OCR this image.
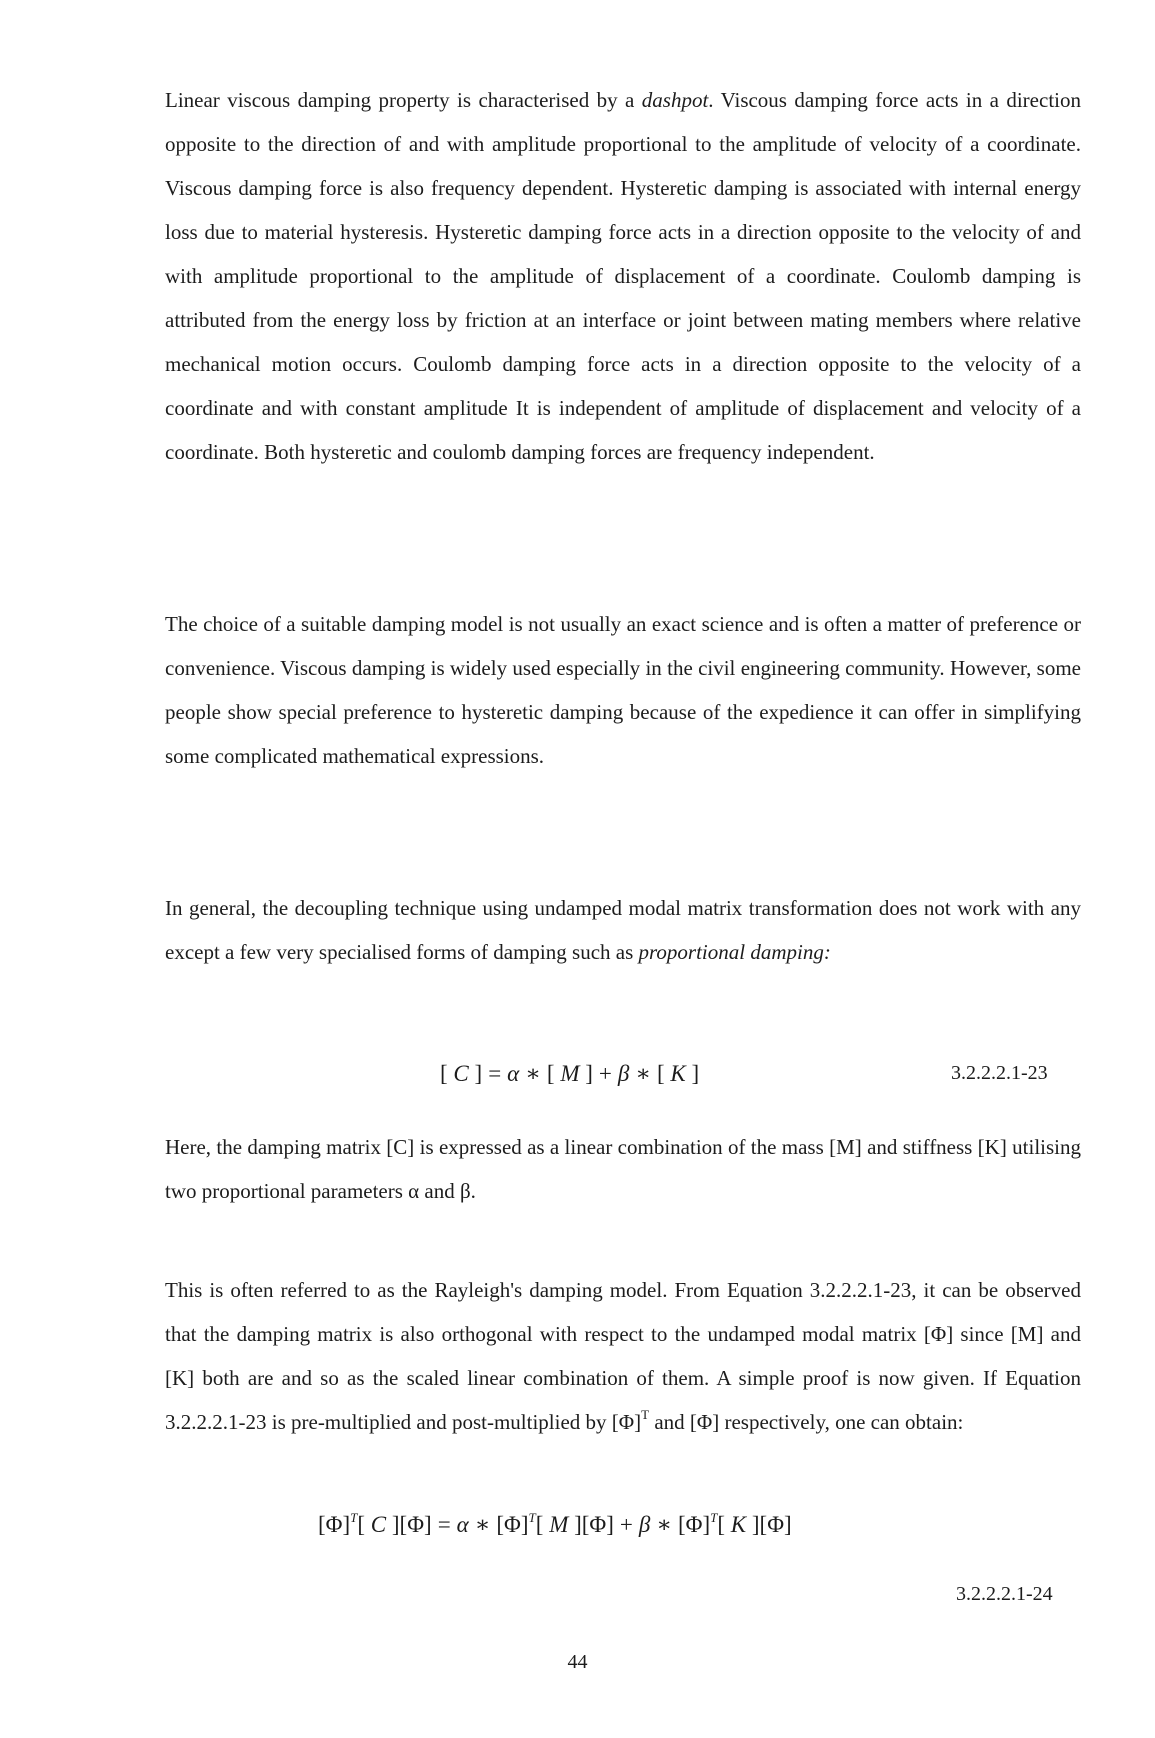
Linear viscous damping property is characterised by a dashpot. Viscous damping force acts in a direction opposite to the direction of and with amplitude proportional to the amplitude of velocity of a coordinate. Viscous damping force is also frequency dependent. Hysteretic damping is associated with internal energy loss due to material hysteresis. Hysteretic damping force acts in a direction opposite to the velocity of and with amplitude proportional to the amplitude of displacement of a coordinate. Coulomb damping is attributed from the energy loss by friction at an interface or joint between mating members where relative mechanical motion occurs. Coulomb damping force acts in a direction opposite to the velocity of a coordinate and with constant amplitude It is independent of amplitude of displacement and velocity of a coordinate. Both hysteretic and coulomb damping forces are frequency independent.

The choice of a suitable damping model is not usually an exact science and is often a matter of preference or convenience. Viscous damping is widely used especially in the civil engineering community. However, some people show special preference to hysteretic damping because of the expedience it can offer in simplifying some complicated mathematical expressions.

In general, the decoupling technique using undamped modal matrix transformation does not work with any except a few very specialised forms of damping such as proportional damping:

[ C ] = α ∗ [ M ] + β ∗ [ K ]	3.2.2.2.1-23

Here, the damping matrix [C] is expressed as a linear combination of the mass [M] and stiffness [K] utilising two proportional parameters α and β.

This is often referred to as the Rayleigh's damping model. From Equation 3.2.2.2.1-23, it can be observed that the damping matrix is also orthogonal with respect to the undamped modal matrix [Φ] since [M] and [K] both are and so as the scaled linear combination of them. A simple proof is now given. If Equation 3.2.2.2.1-23 is pre-multiplied and post-multiplied by $[\Phi]^T$ and [Φ] respectively, one can obtain:

$[\Phi]^T$[ C ][Φ] = α ∗ $[\Phi]^T$[ M ][Φ] + β ∗ $[\Phi]^T$[ K ][Φ]
3.2.2.2.1-24
44
